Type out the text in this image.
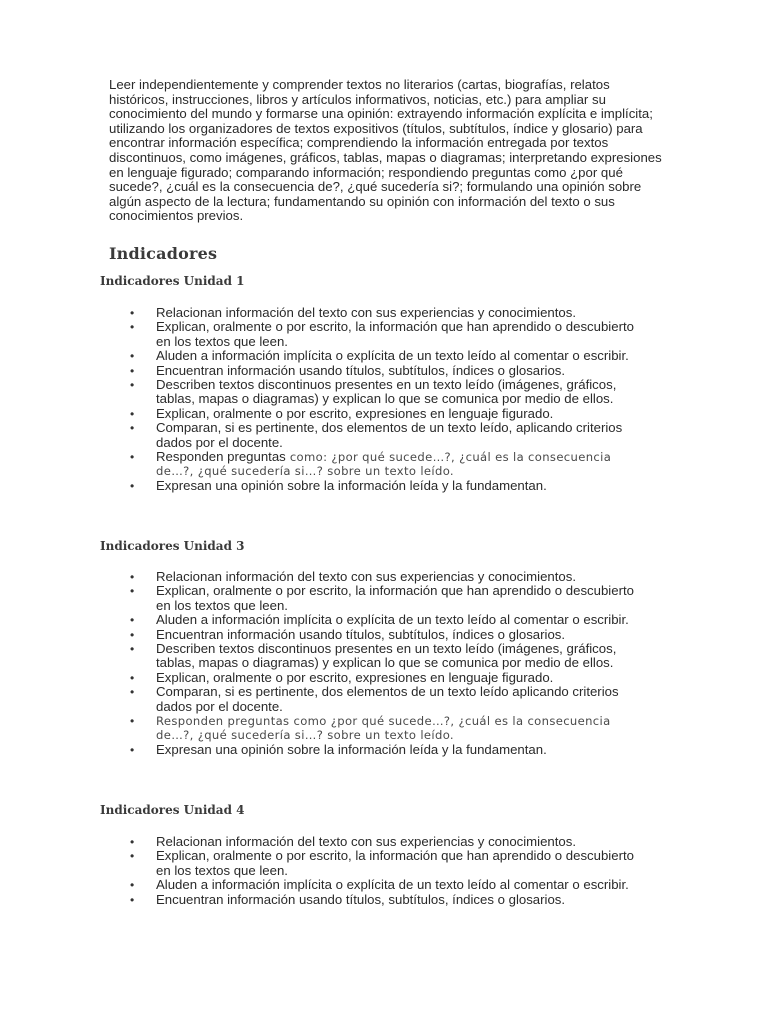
Leer independientemente y comprender textos no literarios (cartas, biografías, relatos históricos, instrucciones, libros y artículos informativos, noticias, etc.) para ampliar su conocimiento del mundo y formarse una opinión: extrayendo información explícita e implícita; utilizando los organizadores de textos expositivos (títulos, subtítulos, índice y glosario) para encontrar información específica; comprendiendo la información entregada por textos discontinuos, como imágenes, gráficos, tablas, mapas o diagramas; interpretando expresiones en lenguaje figurado; comparando información; respondiendo preguntas como ¿por qué sucede?, ¿cuál es la consecuencia de?, ¿qué sucedería si?; formulando una opinión sobre algún aspecto de la lectura; fundamentando su opinión con información del texto o sus conocimientos previos.

Indicadores
Indicadores Unidad 1
• Relacionan información del texto con sus experiencias y conocimientos.
• Explican, oralmente o por escrito, la información que han aprendido o descubierto en los textos que leen.
• Aluden a información implícita o explícita de un texto leído al comentar o escribir.
• Encuentran información usando títulos, subtítulos, índices o glosarios.
• Describen textos discontinuos presentes en un texto leído (imágenes, gráficos, tablas, mapas o diagramas) y explican lo que se comunica por medio de ellos.
• Explican, oralmente o por escrito, expresiones en lenguaje figurado.
• Comparan, si es pertinente, dos elementos de un texto leído, aplicando criterios dados por el docente.
• Responden preguntas como: ¿por qué sucede…?, ¿cuál es la consecuencia de…?, ¿qué sucedería si…? sobre un texto leído.
• Expresan una opinión sobre la información leída y la fundamentan.
Indicadores Unidad 3
• Relacionan información del texto con sus experiencias y conocimientos.
• Explican, oralmente o por escrito, la información que han aprendido o descubierto en los textos que leen.
• Aluden a información implícita o explícita de un texto leído al comentar o escribir.
• Encuentran información usando títulos, subtítulos, índices o glosarios.
• Describen textos discontinuos presentes en un texto leído (imágenes, gráficos, tablas, mapas o diagramas) y explican lo que se comunica por medio de ellos.
• Explican, oralmente o por escrito, expresiones en lenguaje figurado.
• Comparan, si es pertinente, dos elementos de un texto leído aplicando criterios dados por el docente.
• Responden preguntas como ¿por qué sucede…?, ¿cuál es la consecuencia de…?, ¿qué sucedería si…? sobre un texto leído.
• Expresan una opinión sobre la información leída y la fundamentan.
Indicadores Unidad 4
• Relacionan información del texto con sus experiencias y conocimientos.
• Explican, oralmente o por escrito, la información que han aprendido o descubierto en los textos que leen.
• Aluden a información implícita o explícita de un texto leído al comentar o escribir.
• Encuentran información usando títulos, subtítulos, índices o glosarios.
